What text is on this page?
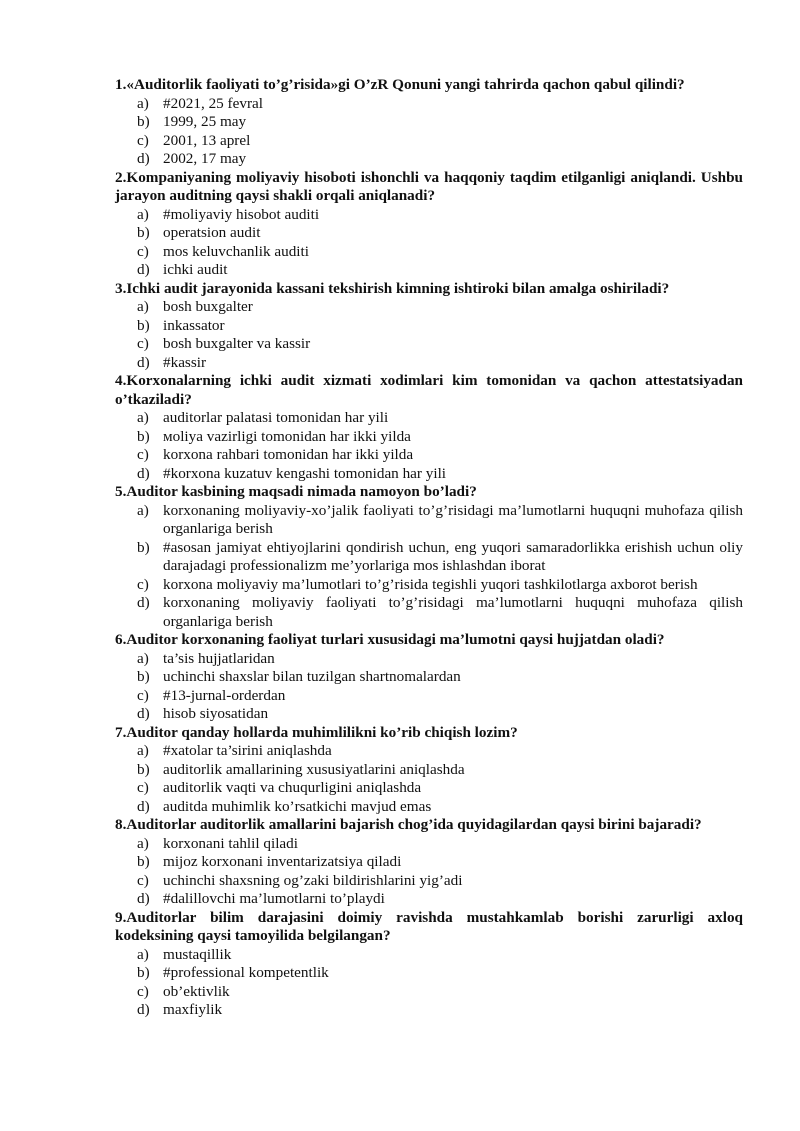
1.«Auditorlik faoliyati to’g’risida»gi O’zR Qonuni yangi tahrirda qachon qabul qilindi?

a) #2021, 25 fevral
b) 1999, 25 may
c) 2001, 13 aprel
d) 2002, 17 may

2.Kompaniyaning moliyaviy hisoboti ishonchli va haqqoniy taqdim etilganligi aniqlandi. Ushbu jarayon auditning qaysi shakli orqali aniqlanadi?

a) #moliyaviy hisobot auditi
b) operatsion audit
c) mos keluvchanlik auditi
d) ichki audit

3.Ichki audit jarayonida kassani tekshirish kimning ishtiroki bilan amalga oshiriladi?

a) bosh buxgalter
b) inkassator
c) bosh buxgalter va kassir
d) #kassir

4.Korxonalarning ichki audit xizmati xodimlari kim tomonidan va qachon attestatsiyadan o’tkaziladi?

a) auditorlar palatasi tomonidan har yili
b) мoliya vazirligi tomonidan har ikki yilda
c) korxona rahbari tomonidan har ikki yilda
d) #korxona kuzatuv kengashi tomonidan har yili

5.Auditor kasbining maqsadi nimada namoyon bo’ladi?

a) korxonaning moliyaviy-xo’jalik faoliyati to’g’risidagi ma’lumotlarni huquqni muhofaza qilish organlariga berish
b) #asosan jamiyat ehtiyojlarini qondirish uchun, eng yuqori samaradorlikka erishish uchun oliy darajadagi professionalizm me’yorlariga mos ishlashdan iborat
c) korxona moliyaviy ma’lumotlari to’g’risida tegishli yuqori tashkilotlarga axborot berish
d) korxonaning moliyaviy faoliyati to’g’risidagi ma’lumotlarni huquqni muhofaza qilish organlariga berish

6.Auditor korxonaning faoliyat turlari xususidagi ma’lumotni qaysi hujjatdan oladi?

a) ta’sis hujjatlaridan
b) uchinchi shaxslar bilan tuzilgan shartnomalardan
c) #13-jurnal-orderdan
d) hisob siyosatidan

7.Auditor qanday hollarda muhimlilikni ko’rib chiqish lozim?

a) #xatolar ta’sirini aniqlashda
b) auditorlik amallarining xususiyatlarini aniqlashda
c) auditorlik vaqti va chuqurligini aniqlashda
d) auditda muhimlik ko’rsatkichi mavjud emas

8.Auditorlar auditorlik amallarini bajarish chog’ida quyidagilardan qaysi birini bajaradi?

a) korxonani tahlil qiladi
b) mijoz korxonani inventarizatsiya qiladi
c) uchinchi shaxsning og’zaki bildirishlarini yig’adi
d) #dalillovchi ma’lumotlarni to’playdi

9.Auditorlar bilim darajasini doimiy ravishda mustahkamlab borishi zarurligi axloq kodeksining qaysi tamoyilida belgilangan?

a) mustaqillik
b) #professional kompetentlik
c) ob’ektivlik
d) maxfiylik
